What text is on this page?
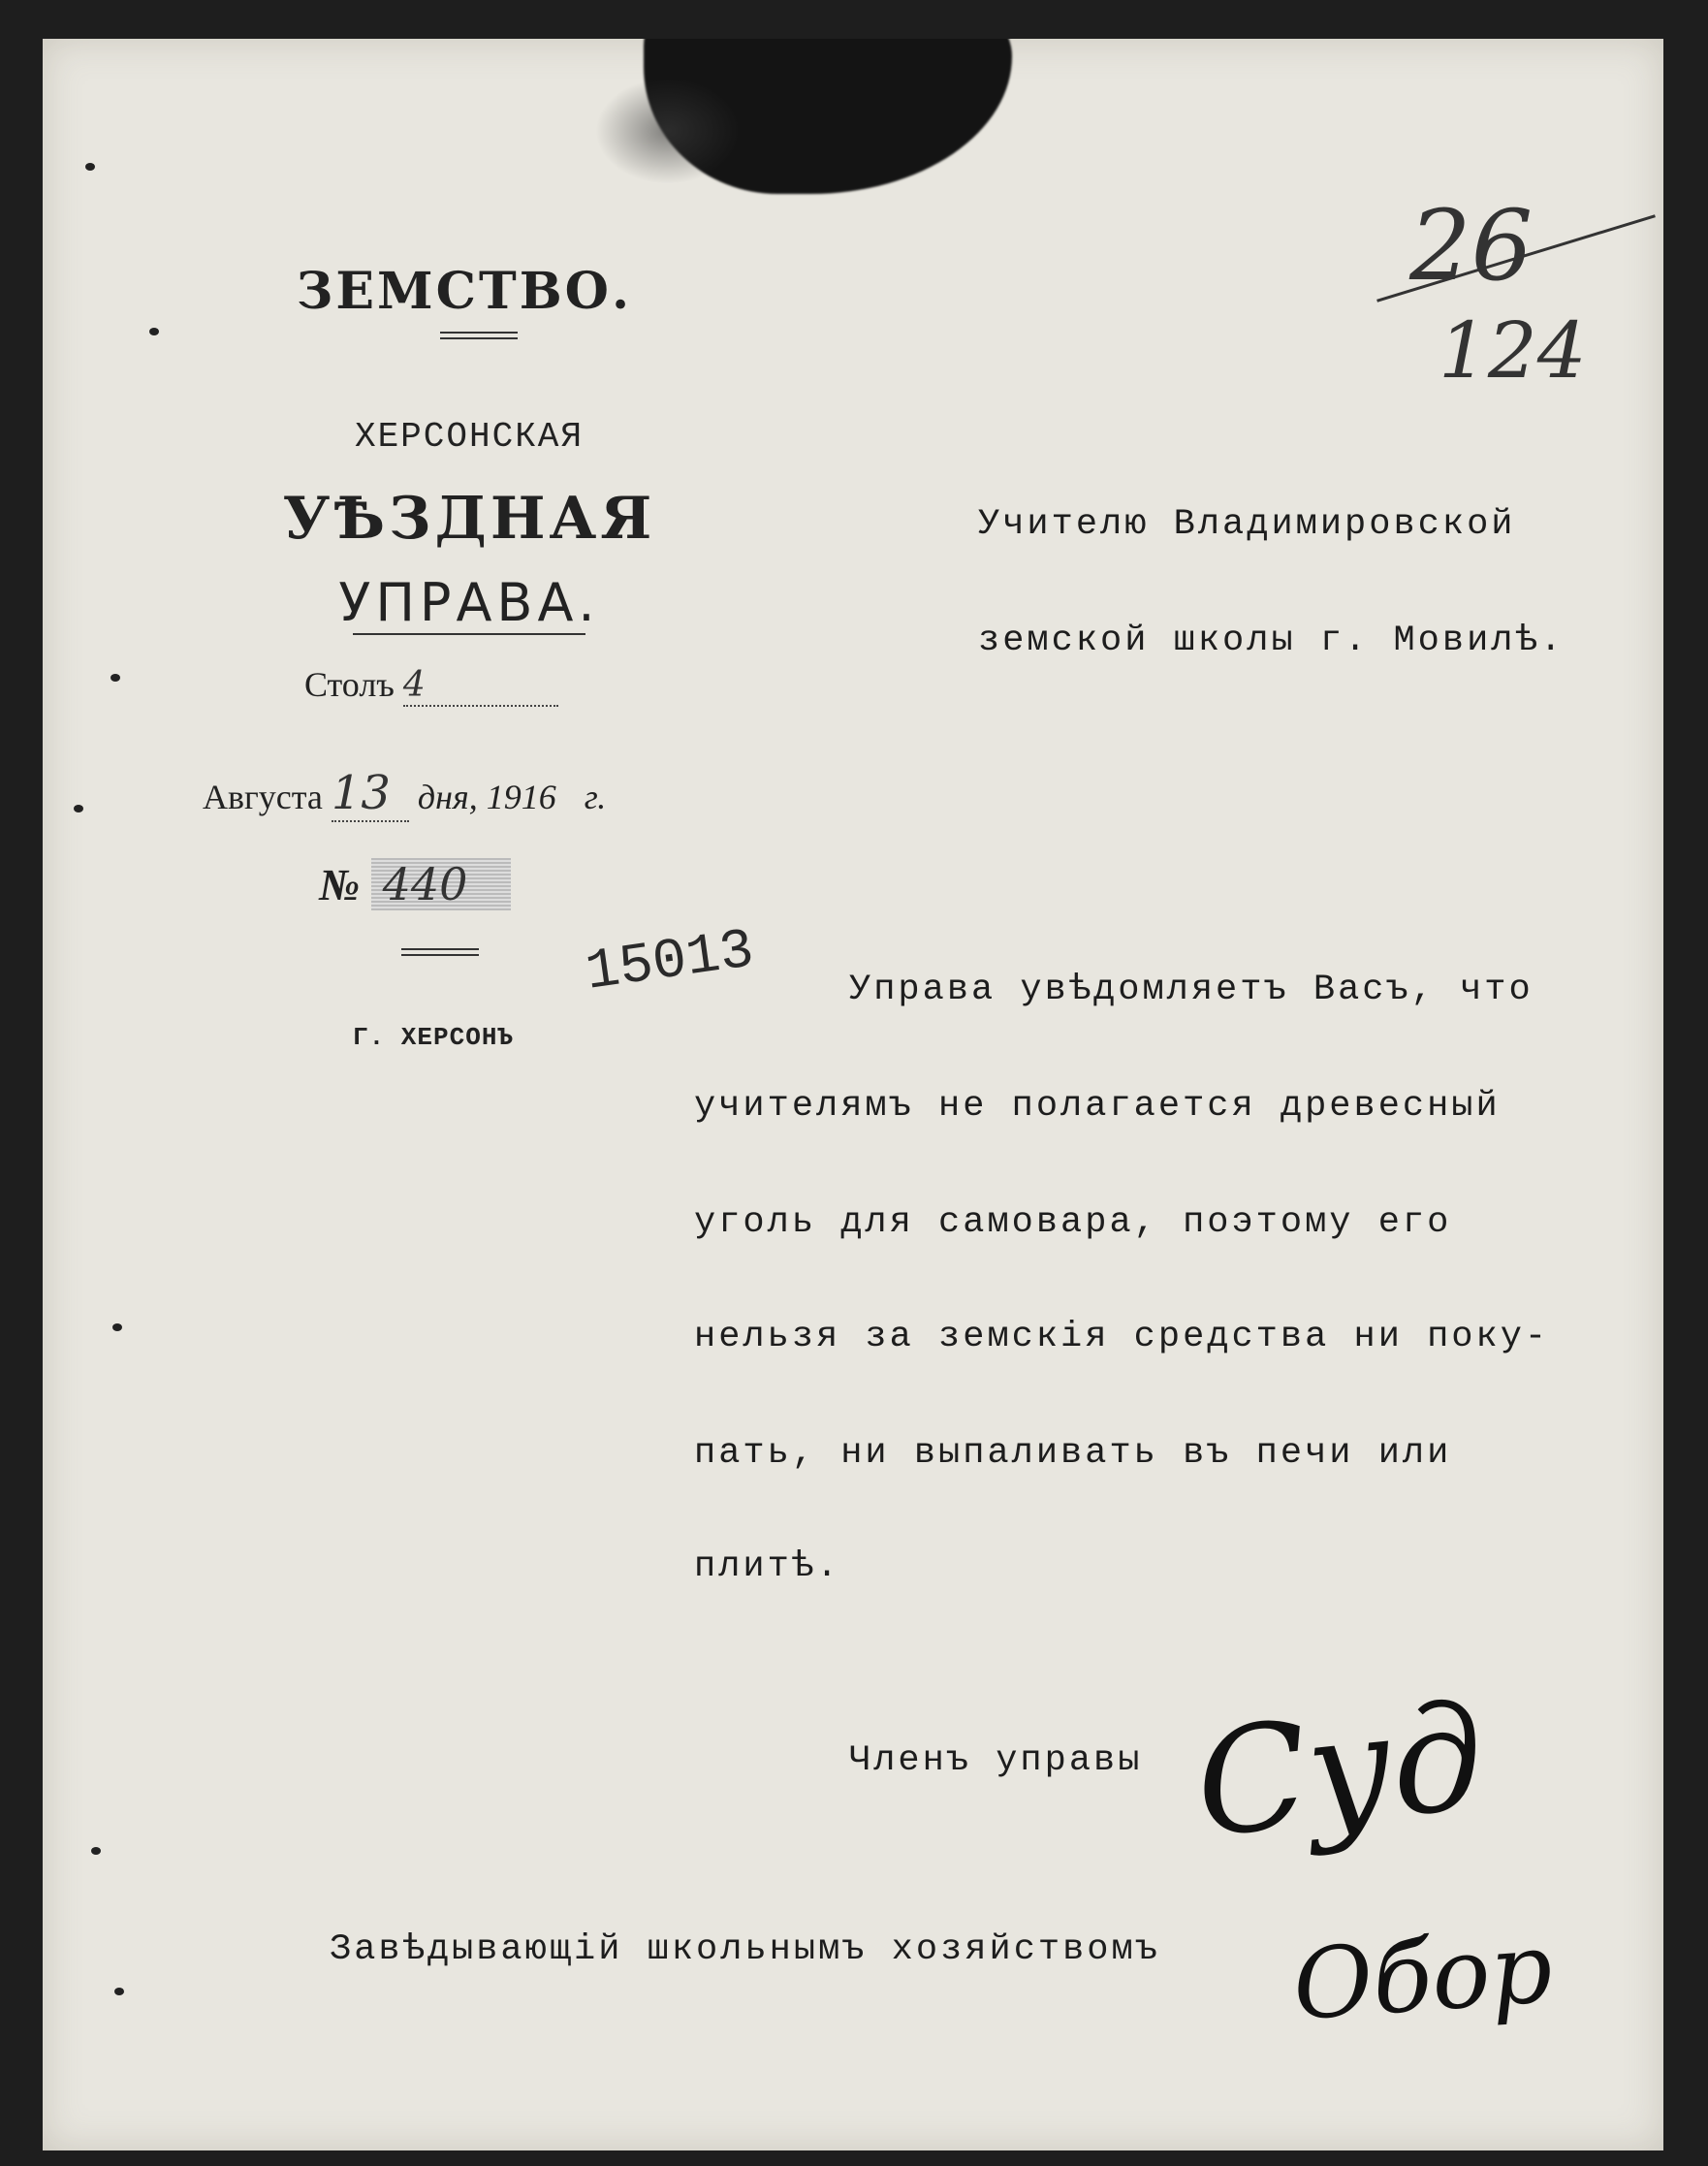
ЗЕМСТВО.
ХЕРСОНСКАЯ
УѢЗДНАЯ
УПРАВА.
Столъ 4
Августа 13 дня, 1916 г.
№ 440
Г. ХЕРСОНЪ
15013
26
124
Учителю Владимировской
земской школы г. Мовилѣ.
Управа увѣдомляетъ Васъ, что
учителямъ не полагается древесный
уголь для самовара, поэтому его
нельзя за земскія средства ни поку-
пать, ни выпаливать въ печи или
плитѣ.
Членъ управы
Завѣдывающій школьнымъ хозяйствомъ
Суд
Обор
